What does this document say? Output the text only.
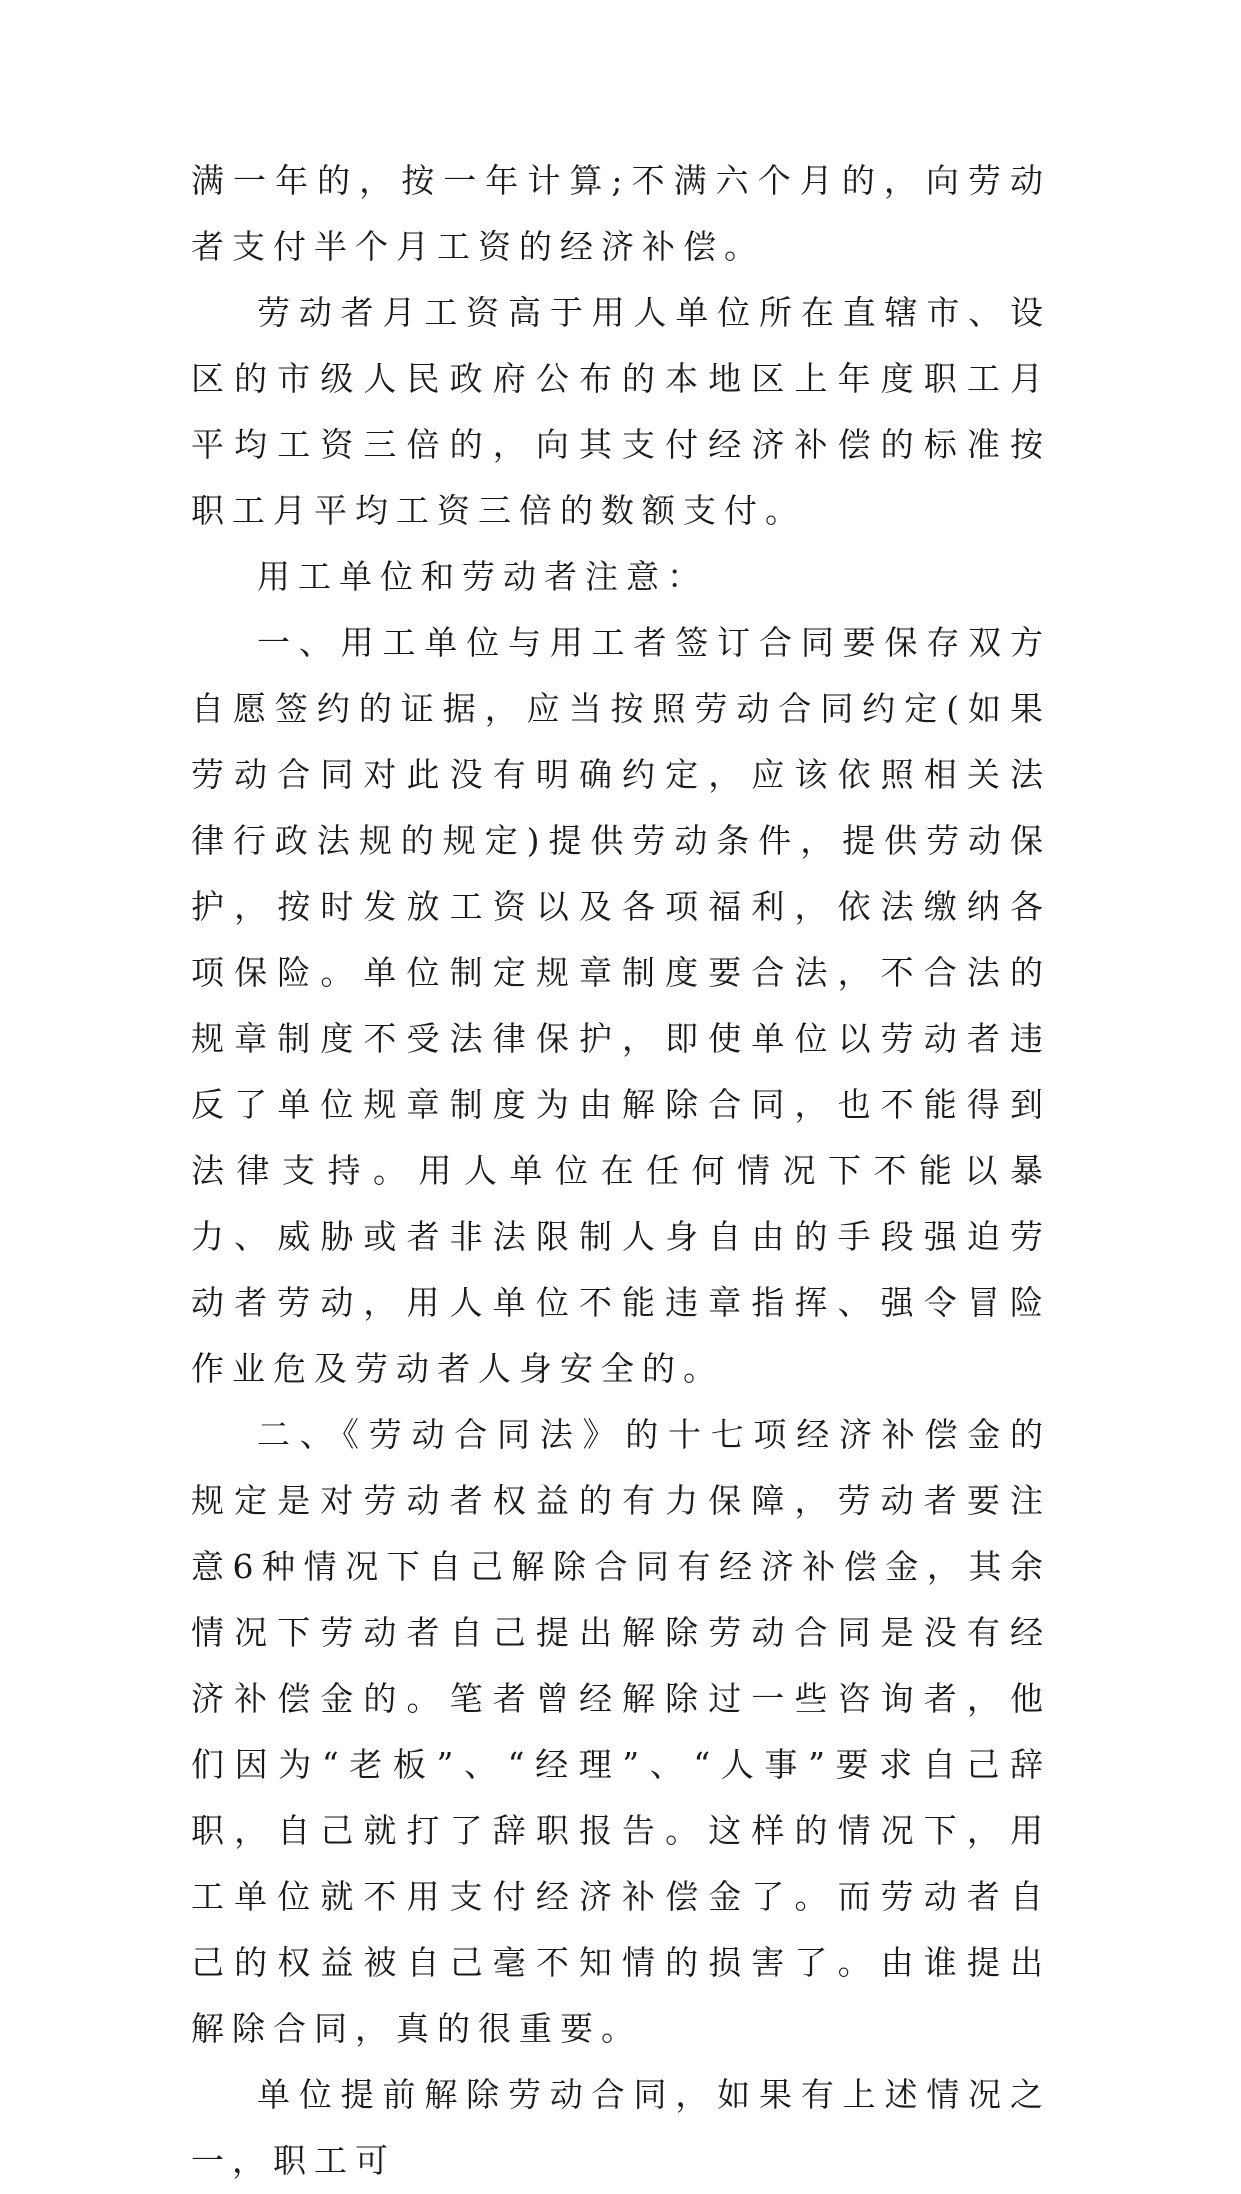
满一年的，按一年计算;不满六个月的，向劳动者支付半个月工资的经济补偿。

劳动者月工资高于用人单位所在直辖市、设区的市级人民政府公布的本地区上年度职工月平均工资三倍的，向其支付经济补偿的标准按职工月平均工资三倍的数额支付。

用工单位和劳动者注意：

一、用工单位与用工者签订合同要保存双方自愿签约的证据，应当按照劳动合同约定(如果劳动合同对此没有明确约定，应该依照相关法律行政法规的规定)提供劳动条件，提供劳动保护，按时发放工资以及各项福利，依法缴纳各项保险。单位制定规章制度要合法，不合法的规章制度不受法律保护，即使单位以劳动者违反了单位规章制度为由解除合同，也不能得到法律支持。用人单位在任何情况下不能以暴力、威胁或者非法限制人身自由的手段强迫劳动者劳动，用人单位不能违章指挥、强令冒险作业危及劳动者人身安全的。

二、《劳动合同法》的十七项经济补偿金的规定是对劳动者权益的有力保障，劳动者要注意6种情况下自己解除合同有经济补偿金，其余情况下劳动者自己提出解除劳动合同是没有经济补偿金的。笔者曾经解除过一些咨询者，他们因为“老板”、“经理”、“人事”要求自己辞职，自己就打了辞职报告。这样的情况下，用工单位就不用支付经济补偿金了。而劳动者自己的权益被自己毫不知情的损害了。由谁提出解除合同，真的很重要。

单位提前解除劳动合同，如果有上述情况之一，职工可
